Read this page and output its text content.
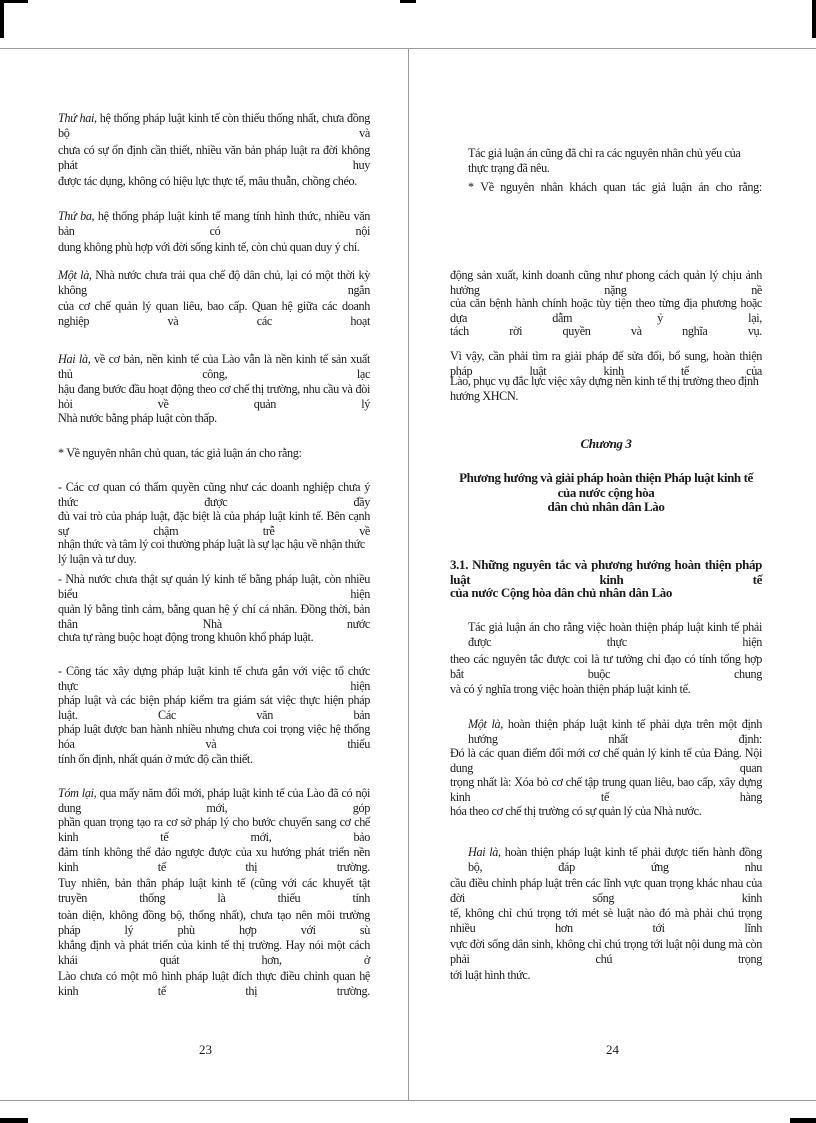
Thứ hai, hệ thống pháp luật kinh tế còn thiếu thống nhất, chưa đồng bộ và

chưa có sự ổn định cần thiết, nhiều văn bản pháp luật ra đời không phát huy

được tác dụng, không có hiệu lực thực tế, mâu thuẫn, chồng chéo.

Thứ ba, hệ thống pháp luật kinh tế mang tính hình thức, nhiều văn bản có nội

dung không phù hợp với đời sống kinh tế, còn chủ quan duy ý chí.

Một là, Nhà nước chưa trải qua chế độ dân chủ, lại có một thời kỳ không ngắn

của cơ chế quản lý quan liêu, bao cấp. Quan hệ giữa các doanh nghiệp và các hoạt

Hai là, về cơ bản, nền kinh tế của Lào vẫn là nền kinh tế sản xuất thủ công, lạc

hậu đang bước đầu hoạt động theo cơ chế thị trường, nhu cầu và đòi hỏi về quản lý

Nhà nước bằng pháp luật còn thấp.

* Về nguyên nhân chủ quan, tác giả luận án cho rằng:

- Các cơ quan có thẩm quyền cũng như các doanh nghiệp chưa ý thức được đầy

đủ vai trò của pháp luật, đặc biệt là của pháp luật kinh tế. Bên cạnh sự chậm trễ về

nhận thức và tâm lý coi thường pháp luật là sự lạc hậu về nhận thức lý luận và tư duy.

- Nhà nước chưa thật sự quản lý kinh tế bằng pháp luật, còn nhiều biểu hiện

quản lý bằng tình cảm, bằng quan hệ ý chí cá nhân. Đồng thời, bản thân Nhà nước

chưa tự ràng buộc hoạt động trong khuôn khổ pháp luật.

- Công tác xây dựng pháp luật kinh tế chưa gắn với việc tổ chức thực hiện

pháp luật và các biện pháp kiểm tra giám sát việc thực hiện pháp luật. Các văn bản

pháp luật được ban hành nhiều nhưng chưa coi trọng việc hệ thống hóa và thiếu

tính ổn định, nhất quán ở mức độ cần thiết.

Tóm lại, qua mấy năm đổi mới, pháp luật kinh tế của Lào đã có nội dung mới, góp

phần quan trọng tạo ra cơ sở pháp lý cho bước chuyển sang cơ chế kinh tế mới, bảo

đảm tính không thể đảo ngược được của xu hướng phát triển nền kinh tế thị trường.

Tuy nhiên, bản thân pháp luật kinh tế (cũng với các khuyết tật truyền thống là thiếu tính

toàn diện, không đồng bộ, thống nhất), chưa tạo nên môi trường pháp lý phù hợp với sù

khẳng định và phát triển của kinh tế thị trường. Hay nói một cách khái quát hơn, ở

Lào chưa có một mô hình pháp luật đích thực điều chỉnh quan hệ kinh tế thị trường.

23

Tác giả luận án cũng đã chỉ ra các nguyên nhân chủ yếu của thực trạng đã nêu.

* Về nguyên nhân khách quan tác giả luận án cho rằng:

động sản xuất, kinh doanh cũng như phong cách quản lý chịu ảnh hưởng nặng nề

của căn bệnh hành chính hoặc tùy tiện theo từng địa phương hoặc dựa dẫm ỷ lại,

tách	rời	quyền	và	nghĩa	vụ.

Vì vậy, cần phải tìm ra giải pháp để sửa đổi, bổ sung, hoàn thiện pháp luật kinh tế của

Lào, phục vụ đắc lực việc xây dựng nền kinh tế thị trường theo định hướng XHCN.

Chương 3

Phương hướng và giải pháp hoàn thiện Pháp luật kinh tế của nước cộng hòa

dân chủ nhân dân Lào

3.1. Những nguyên tắc và phương hướng hoàn thiện pháp luật kinh tế

của nước Cộng hòa dân chủ nhân dân Lào

Tác giả luận án cho rằng việc hoàn thiện pháp luật kinh tế phải được thực hiện

theo các nguyên tắc được coi là tư tưởng chỉ đạo có tính tổng hợp bắt buộc chung

và có ý nghĩa trong việc hoàn thiện pháp luật kinh tế.

Một là, hoàn thiện pháp luật kinh tế phải dựa trên một định hướng nhất định:

Đó là các quan điểm đổi mới cơ chế quản lý kinh tế của Đảng. Nội dung quan

trọng nhất là: Xóa bỏ cơ chế tập trung quan liêu, bao cấp, xây dựng kinh tế hàng

hóa theo cơ chế thị trường có sự quản lý của Nhà nước.

Hai là, hoàn thiện pháp luật kinh tế phải được tiến hành đồng bộ, đáp ứng nhu

cầu điều chỉnh pháp luật trên các lĩnh vực quan trọng khác nhau của đời sống kinh

tế, không chỉ chú trọng tới mét sè luật nào đó mà phải chú trọng nhiều hơn tới lĩnh

vực đời sống dân sinh, không chỉ chú trọng tới luật nội dung mà còn phải chú trọng

tới luật hình thức.

24
